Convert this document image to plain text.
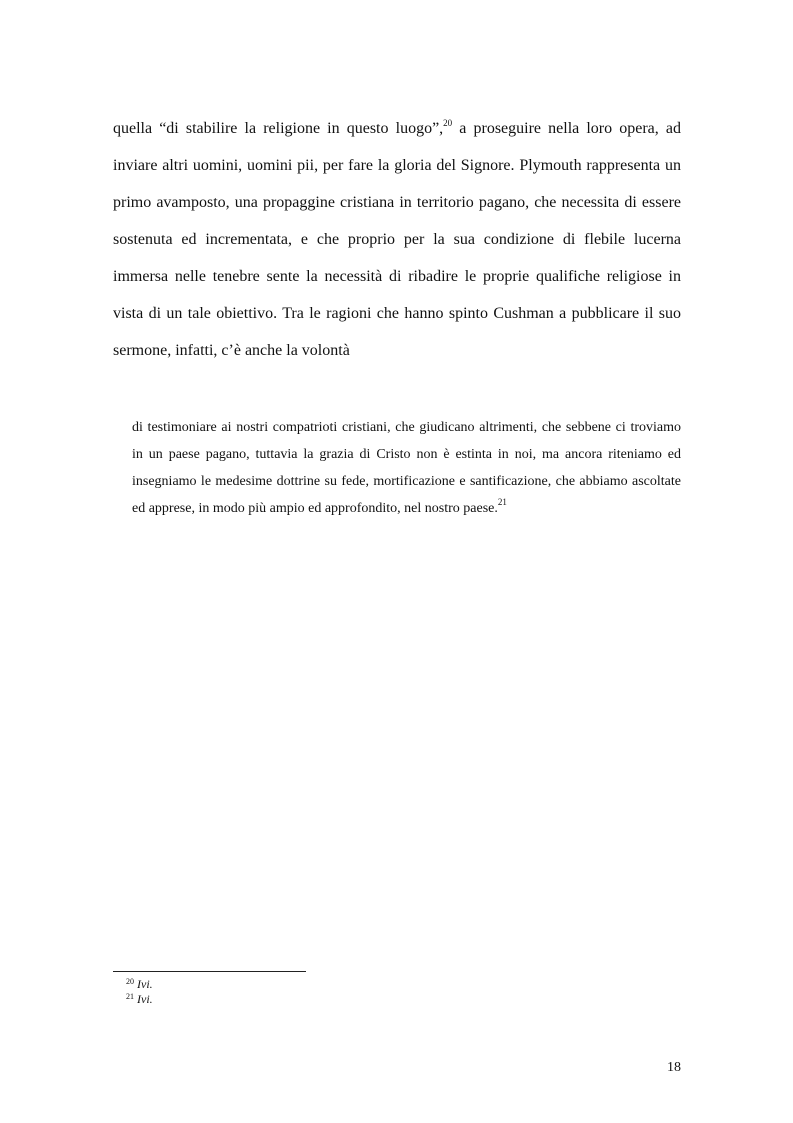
quella “di stabilire la religione in questo luogo”,$^{20}$ a proseguire nella loro opera, ad inviare altri uomini, uomini pii, per fare la gloria del Signore. Plymouth rappresenta un primo avamposto, una propaggine cristiana in territorio pagano, che necessita di essere sostenuta ed incrementata, e che proprio per la sua condizione di flebile lucerna immersa nelle tenebre sente la necessità di ribadire le proprie qualifiche religiose in vista di un tale obiettivo. Tra le ragioni che hanno spinto Cushman a pubblicare il suo sermone, infatti, c’è anche la volontà

di testimoniare ai nostri compatrioti cristiani, che giudicano altrimenti, che sebbene ci troviamo in un paese pagano, tuttavia la grazia di Cristo non è estinta in noi, ma ancora riteniamo ed insegniamo le medesime dottrine su fede, mortificazione e santificazione, che abbiamo ascoltate ed apprese, in modo più ampio ed approfondito, nel nostro paese.$^{21}$

$^{20}$ Ivi.
$^{21}$ Ivi.
18
